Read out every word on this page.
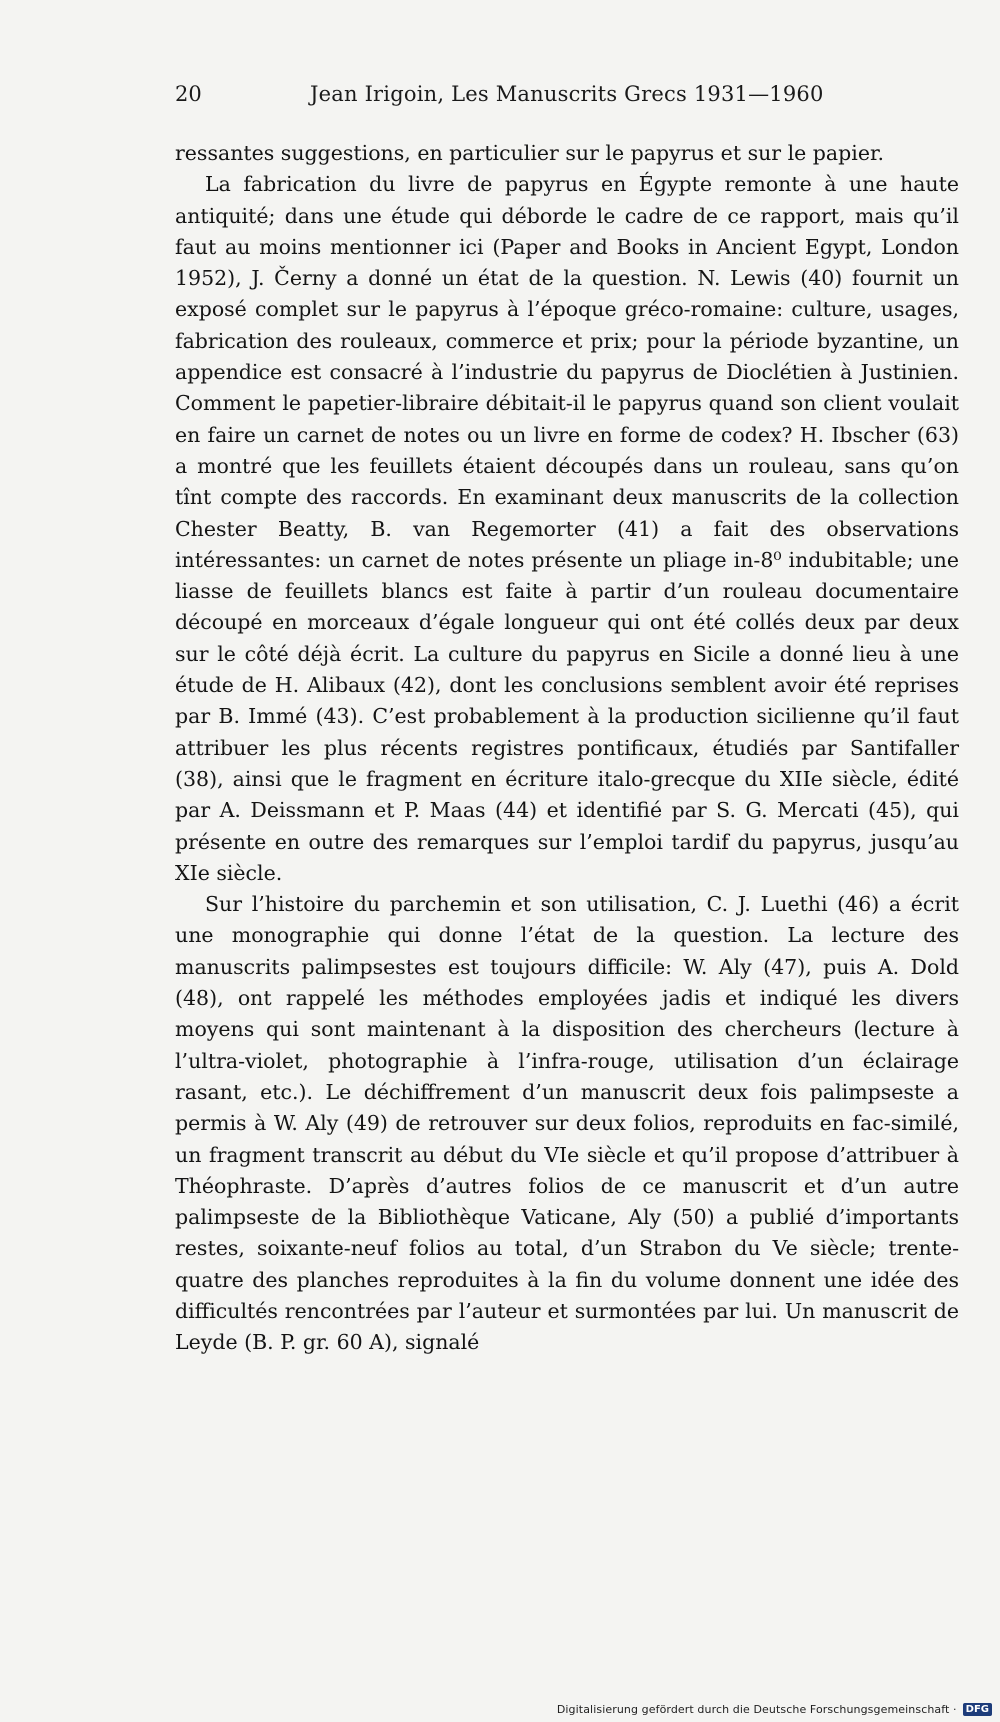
20	Jean Irigoin, Les Manuscrits Grecs 1931—1960

ressantes suggestions, en particulier sur le papyrus et sur le papier.

La fabrication du livre de papyrus en Égypte remonte à une haute antiquité; dans une étude qui déborde le cadre de ce rapport, mais qu’il faut au moins mentionner ici (Paper and Books in Ancient Egypt, London 1952), J. Černy a donné un état de la question. N. Lewis (40) fournit un exposé complet sur le papyrus à l’époque gréco-romaine: culture, usages, fabrication des rouleaux, commerce et prix; pour la période byzantine, un appendice est consacré à l’industrie du papyrus de Dioclétien à Justinien. Comment le papetier-libraire débitait-il le papyrus quand son client voulait en faire un carnet de notes ou un livre en forme de codex? H. Ibscher (63) a montré que les feuillets étaient découpés dans un rouleau, sans qu’on tînt compte des raccords. En examinant deux manuscrits de la collection Chester Beatty, B. van Regemorter (41) a fait des observations intéressantes: un carnet de notes présente un pliage in-8⁰ indubitable; une liasse de feuillets blancs est faite à partir d’un rouleau documentaire découpé en morceaux d’égale longueur qui ont été collés deux par deux sur le côté déjà écrit. La culture du papyrus en Sicile a donné lieu à une étude de H. Alibaux (42), dont les conclusions semblent avoir été reprises par B. Immé (43). C’est probablement à la production sicilienne qu’il faut attribuer les plus récents registres pontificaux, étudiés par Santifaller (38), ainsi que le fragment en écriture italo-grecque du XIIe siècle, édité par A. Deissmann et P. Maas (44) et identifié par S. G. Mercati (45), qui présente en outre des remarques sur l’emploi tardif du papyrus, jusqu’au XIe siècle.

Sur l’histoire du parchemin et son utilisation, C. J. Luethi (46) a écrit une monographie qui donne l’état de la question. La lecture des manuscrits palimpsestes est toujours difficile: W. Aly (47), puis A. Dold (48), ont rappelé les méthodes employées jadis et indiqué les divers moyens qui sont maintenant à la disposition des chercheurs (lecture à l’ultra-violet, photographie à l’infra-rouge, utilisation d’un éclairage rasant, etc.). Le déchiffrement d’un manuscrit deux fois palimpseste a permis à W. Aly (49) de retrouver sur deux folios, reproduits en fac-similé, un fragment transcrit au début du VIe siècle et qu’il propose d’attribuer à Théophraste. D’après d’autres folios de ce manuscrit et d’un autre palimpseste de la Bibliothèque Vaticane, Aly (50) a publié d’importants restes, soixante-neuf folios au total, d’un Strabon du Ve siècle; trente-quatre des planches reproduites à la fin du volume donnent une idée des difficultés rencontrées par l’auteur et surmontées par lui. Un manuscrit de Leyde (B. P. gr. 60 A), signalé

Digitalisierung gefördert durch die Deutsche Forschungsgemeinschaft · DFG
